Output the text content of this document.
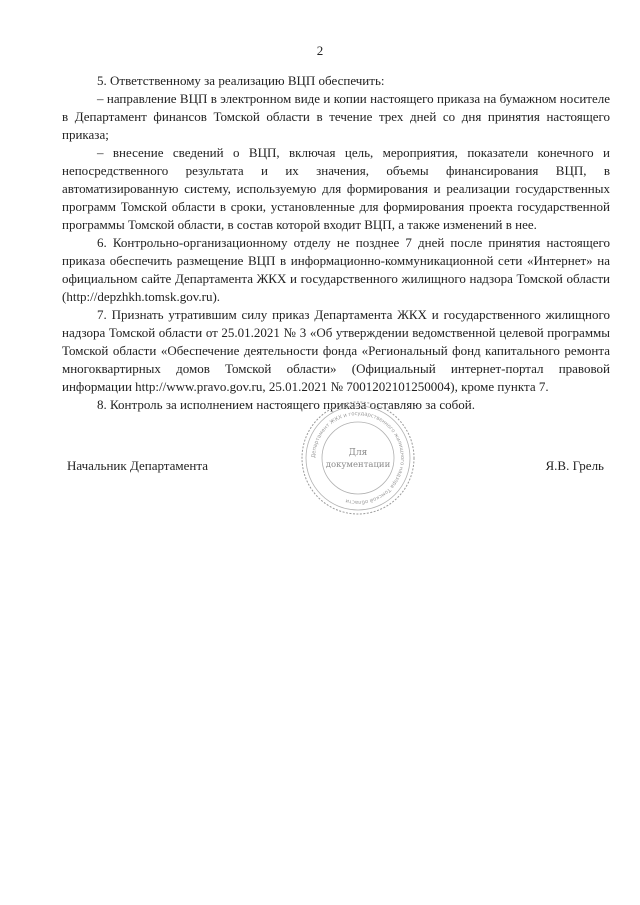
2

5. Ответственному за реализацию ВЦП обеспечить:

– направление ВЦП в электронном виде и копии настоящего приказа на бумажном носителе в Департамент финансов Томской области в течение трех дней со дня принятия настоящего приказа;

– внесение сведений о ВЦП, включая цель, мероприятия, показатели конечного и непосредственного результата и их значения, объемы финансирования ВЦП, в автоматизированную систему, используемую для формирования и реализации государственных программ Томской области в сроки, установленные для формирования проекта государственной программы Томской области, в состав которой входит ВЦП, а также изменений в нее.

6. Контрольно-организационному отделу не позднее 7 дней после принятия настоящего приказа обеспечить размещение ВЦП в информационно-коммуникационной сети «Интернет» на официальном сайте Департамента ЖКХ и государственного жилищного надзора Томской области (http://depzhkh.tomsk.gov.ru).

7. Признать утратившим силу приказ Департамента ЖКХ и государственного жилищного надзора Томской области от 25.01.2021 № 3 «Об утверждении ведомственной целевой программы Томской области «Обеспечение деятельности фонда «Региональный фонд капитального ремонта многоквартирных домов Томской области» (Официальный интернет-портал правовой информации http://www.pravo.gov.ru, 25.01.2021 № 7001202101250004), кроме пункта 7.

8. Контроль за исполнением настоящего приказа оставляю за собой.

Начальник Департамента
Департамент ЖКХ и государственного жилищного надзора Томской области
Для
документации	Я.В. Грель
